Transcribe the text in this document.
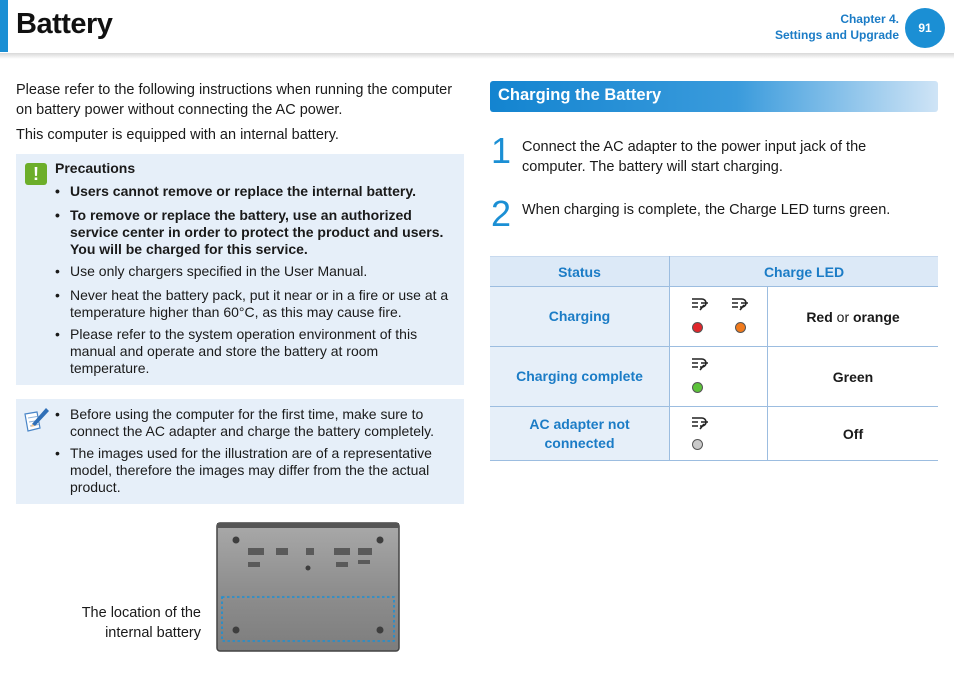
Battery	Chapter 4.
Settings and Upgrade	91
Please refer to the following instructions when running the computer on battery power without connecting the AC power.
This computer is equipped with an internal battery.
!	Precautions
• Users cannot remove or replace the internal battery.
• To remove or replace the battery, use an authorized service center in order to protect the product and users. You will be charged for this service.
• Use only chargers specified in the User Manual.
• Never heat the battery pack, put it near or in a fire or use at a temperature higher than 60°C, as this may cause fire.
• Please refer to the system operation environment of this manual and operate and store the battery at room temperature.
• Before using the computer for the first time, make sure to connect the AC adapter and charge the battery completely.
• The images used for the illustration are of a representative model, therefore the images may differ from the the actual product.
The location of the
internal battery
Charging the Battery
1 Connect the AC adapter to the power input jack of the computer. The battery will start charging.
2 When charging is complete, the Charge LED turns green.
Status	Charge LED	
Charging		Red or orange
Charging complete		Green

AC adapter not
connected		Off
